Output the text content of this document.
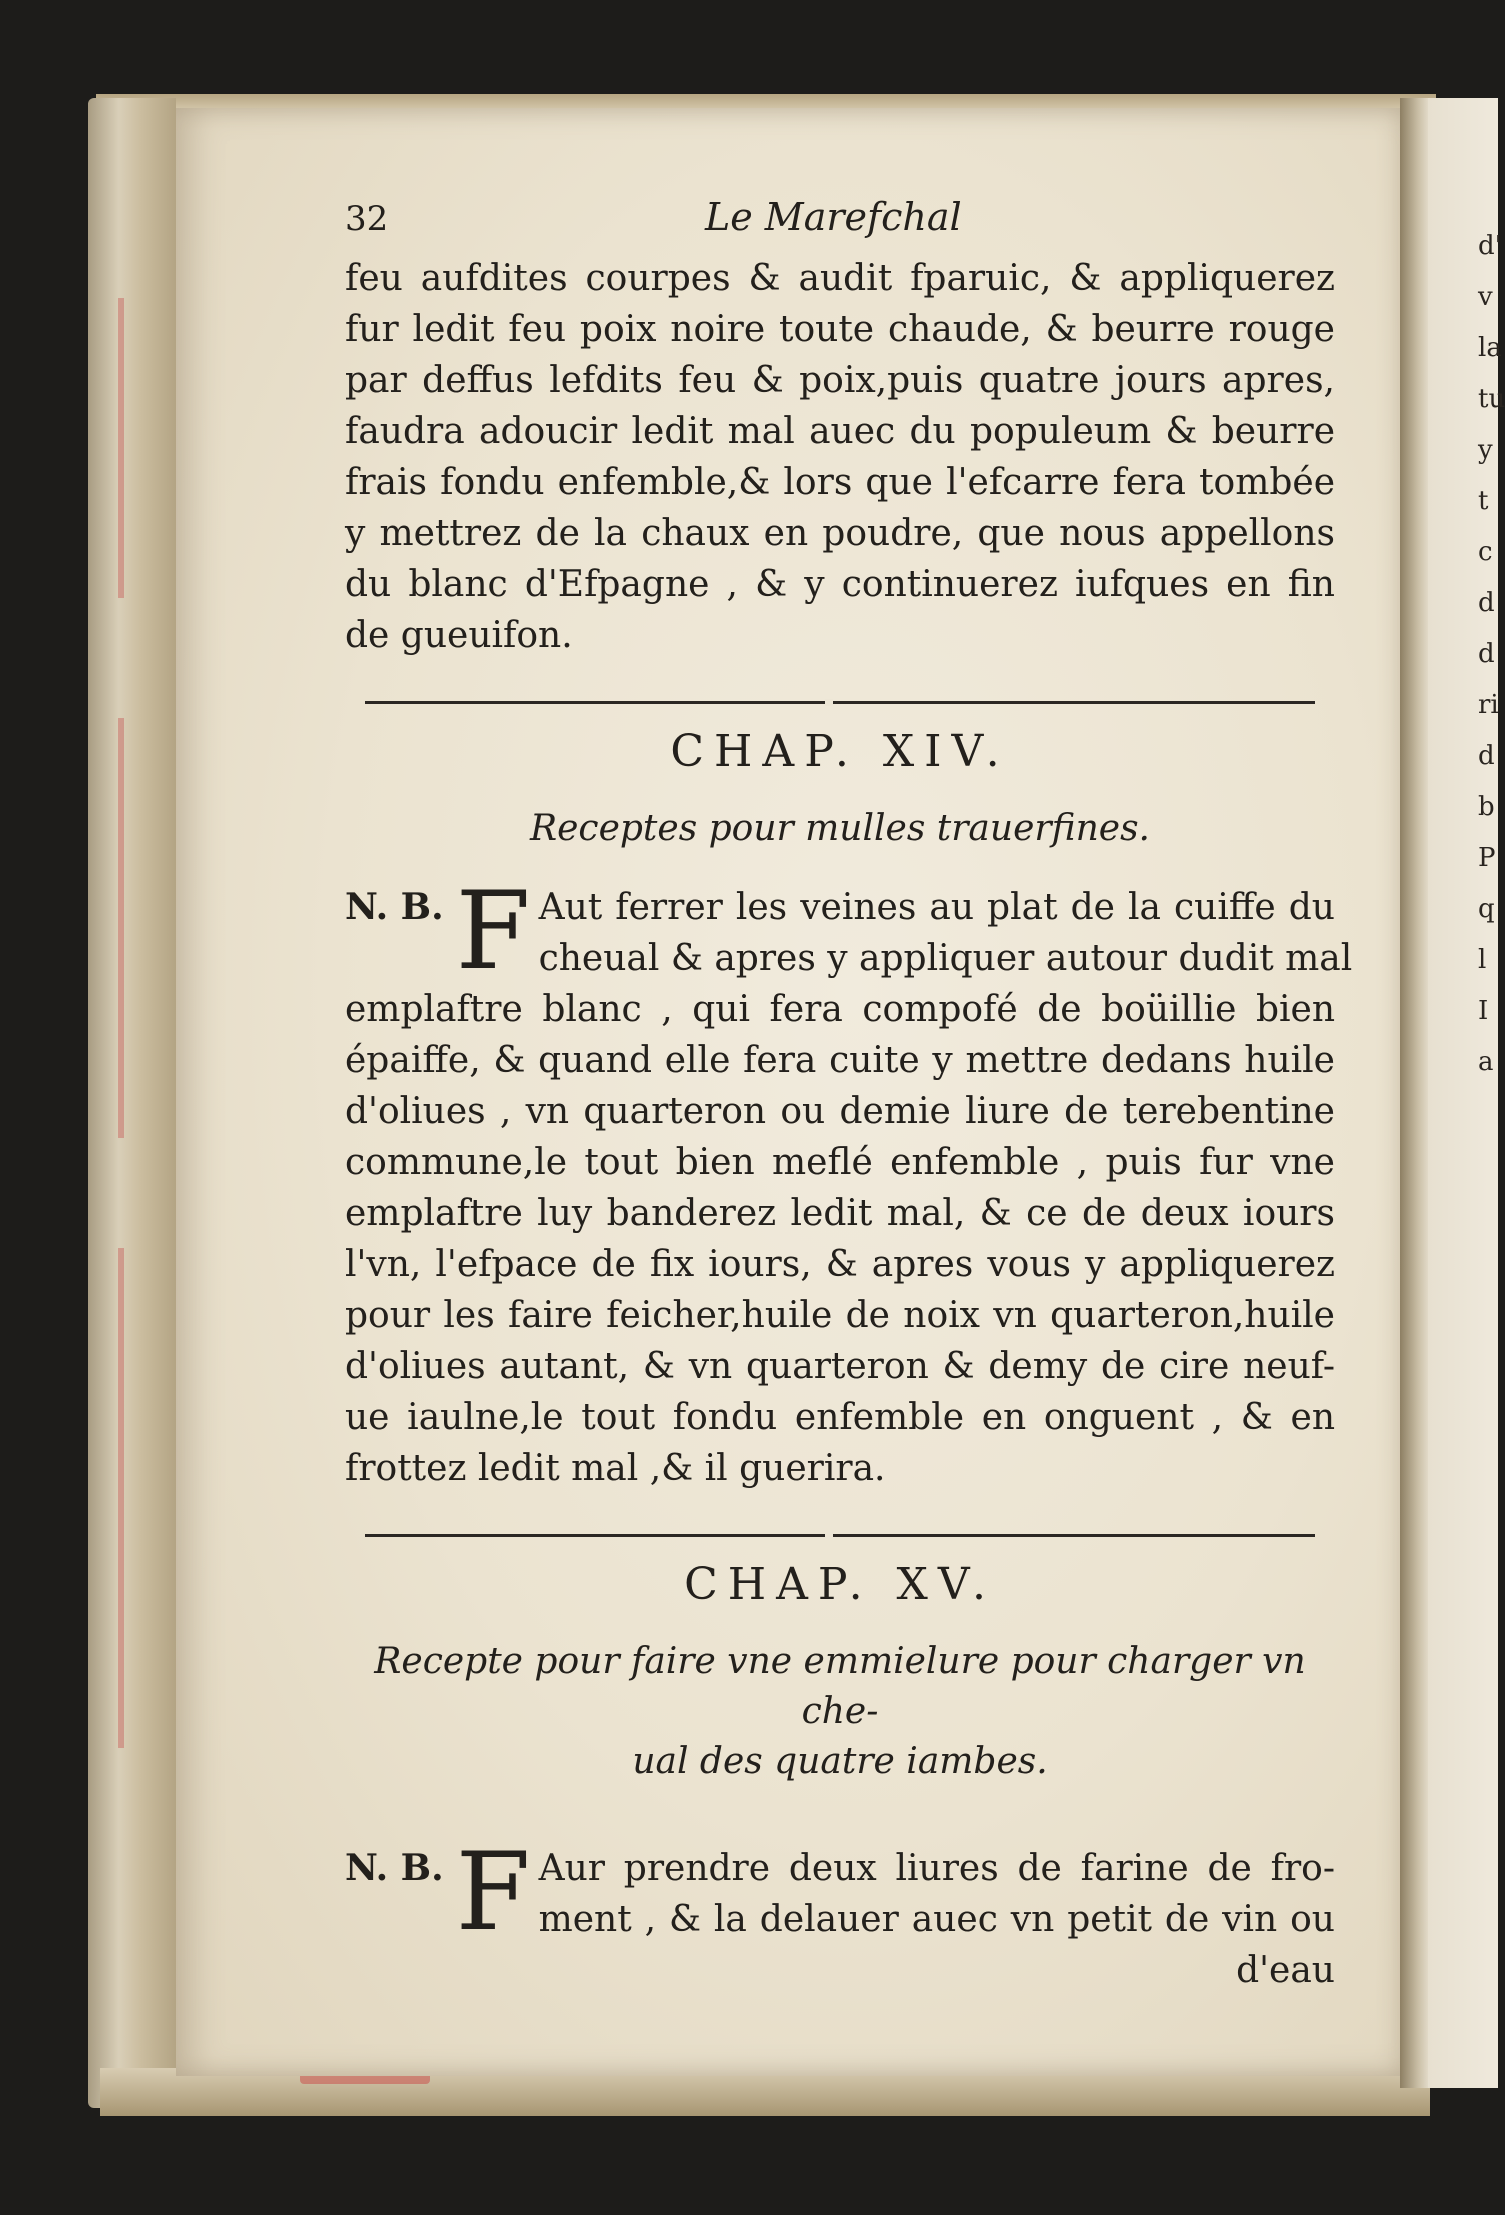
d'
v
la
tu
y
t
c
d
d
ri
d
b
P
q
l
I
a
32	Le Marefchal
feu aufdites courpes & audit fparuic, & appliquerez
fur ledit feu poix noire toute chaude, & beurre rouge
par deffus lefdits feu & poix,puis quatre jours apres,
faudra adoucir ledit mal auec du populeum & beurre
frais fondu enfemble,& lors que l'efcarre fera tombée
y mettrez de la chaux en poudre, que nous appellons
du blanc d'Efpagne , & y continuerez iufques en fin
de gueuifon.
CHAP. XIV.
Receptes pour mulles trauerfines.
N. B. F Aut ferrer les veines au plat de la cuiffe du
cheual & apres y appliquer autour dudit mal
emplaftre blanc , qui fera compofé de boüillie bien
épaiffe, & quand elle fera cuite y mettre dedans huile
d'oliues , vn quarteron ou demie liure de terebentine
commune,le tout bien meflé enfemble , puis fur vne
emplaftre luy banderez ledit mal, & ce de deux iours
l'vn, l'efpace de fix iours, & apres vous y appliquerez
pour les faire feicher,huile de noix vn quarteron,huile
d'oliues autant, & vn quarteron & demy de cire neuf-
ue iaulne,le tout fondu enfemble en onguent , & en
frottez ledit mal ,& il guerira.
CHAP. XV.
Recepte pour faire vne emmielure pour charger vn che-
ual des quatre iambes.
N. B. F Aur prendre deux liures de farine de fro-
ment , & la delauer auec vn petit de vin ou
d'eau
